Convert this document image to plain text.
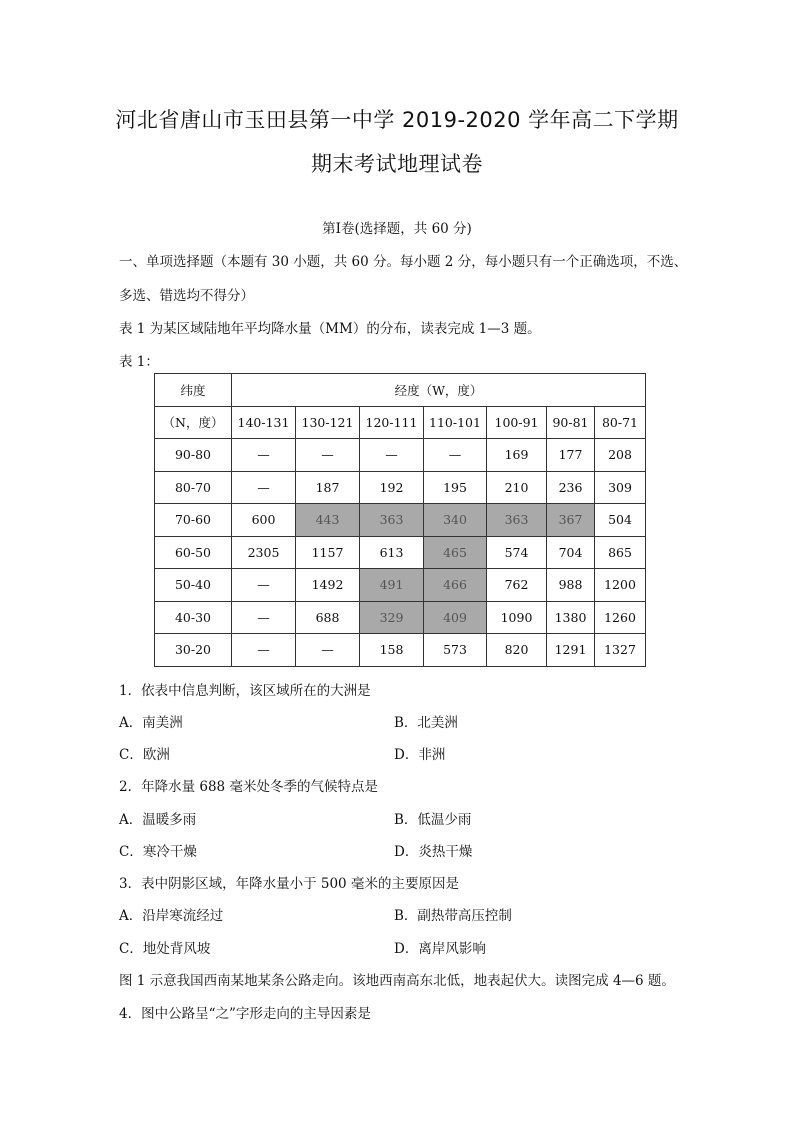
河北省唐山市玉田县第一中学 2019-2020 学年高二下学期
期末考试地理试卷
第Ⅰ卷(选择题，共 60 分)
一、单项选择题（本题有 30 小题，共 60 分。每小题 2 分，每小题只有一个正确选项，不选、
多选、错选均不得分）
表 1 为某区域陆地年平均降水量（MM）的分布，读表完成 1—3 题。
表 1：
纬度	经度（W，度）						
（N，度）	140-131	130-121	120-111	110-101	100-91	90-81	80-71
90-80	—	—	—	—	169	177	208
80-70	—	187	192	195	210	236	309
70-60	600	443	363	340	363	367	504
60-50	2305	1157	613	465	574	704	865
50-40	—	1492	491	466	762	988	1200
40-30	—	688	329	409	1090	1380	1260
30-20	—	—	158	573	820	1291	1327
1．依表中信息判断，该区域所在的大洲是
A．南美洲	B．北美洲
C．欧洲	D．非洲
2．年降水量 688 毫米处冬季的气候特点是
A．温暖多雨	B．低温少雨
C．寒冷干燥	D．炎热干燥
3．表中阴影区域，年降水量小于 500 毫米的主要原因是
A．沿岸寒流经过	B．副热带高压控制
C．地处背风坡	D．离岸风影响
图 1 示意我国西南某地某条公路走向。该地西南高东北低，地表起伏大。读图完成 4—6 题。
4．图中公路呈“之”字形走向的主导因素是
